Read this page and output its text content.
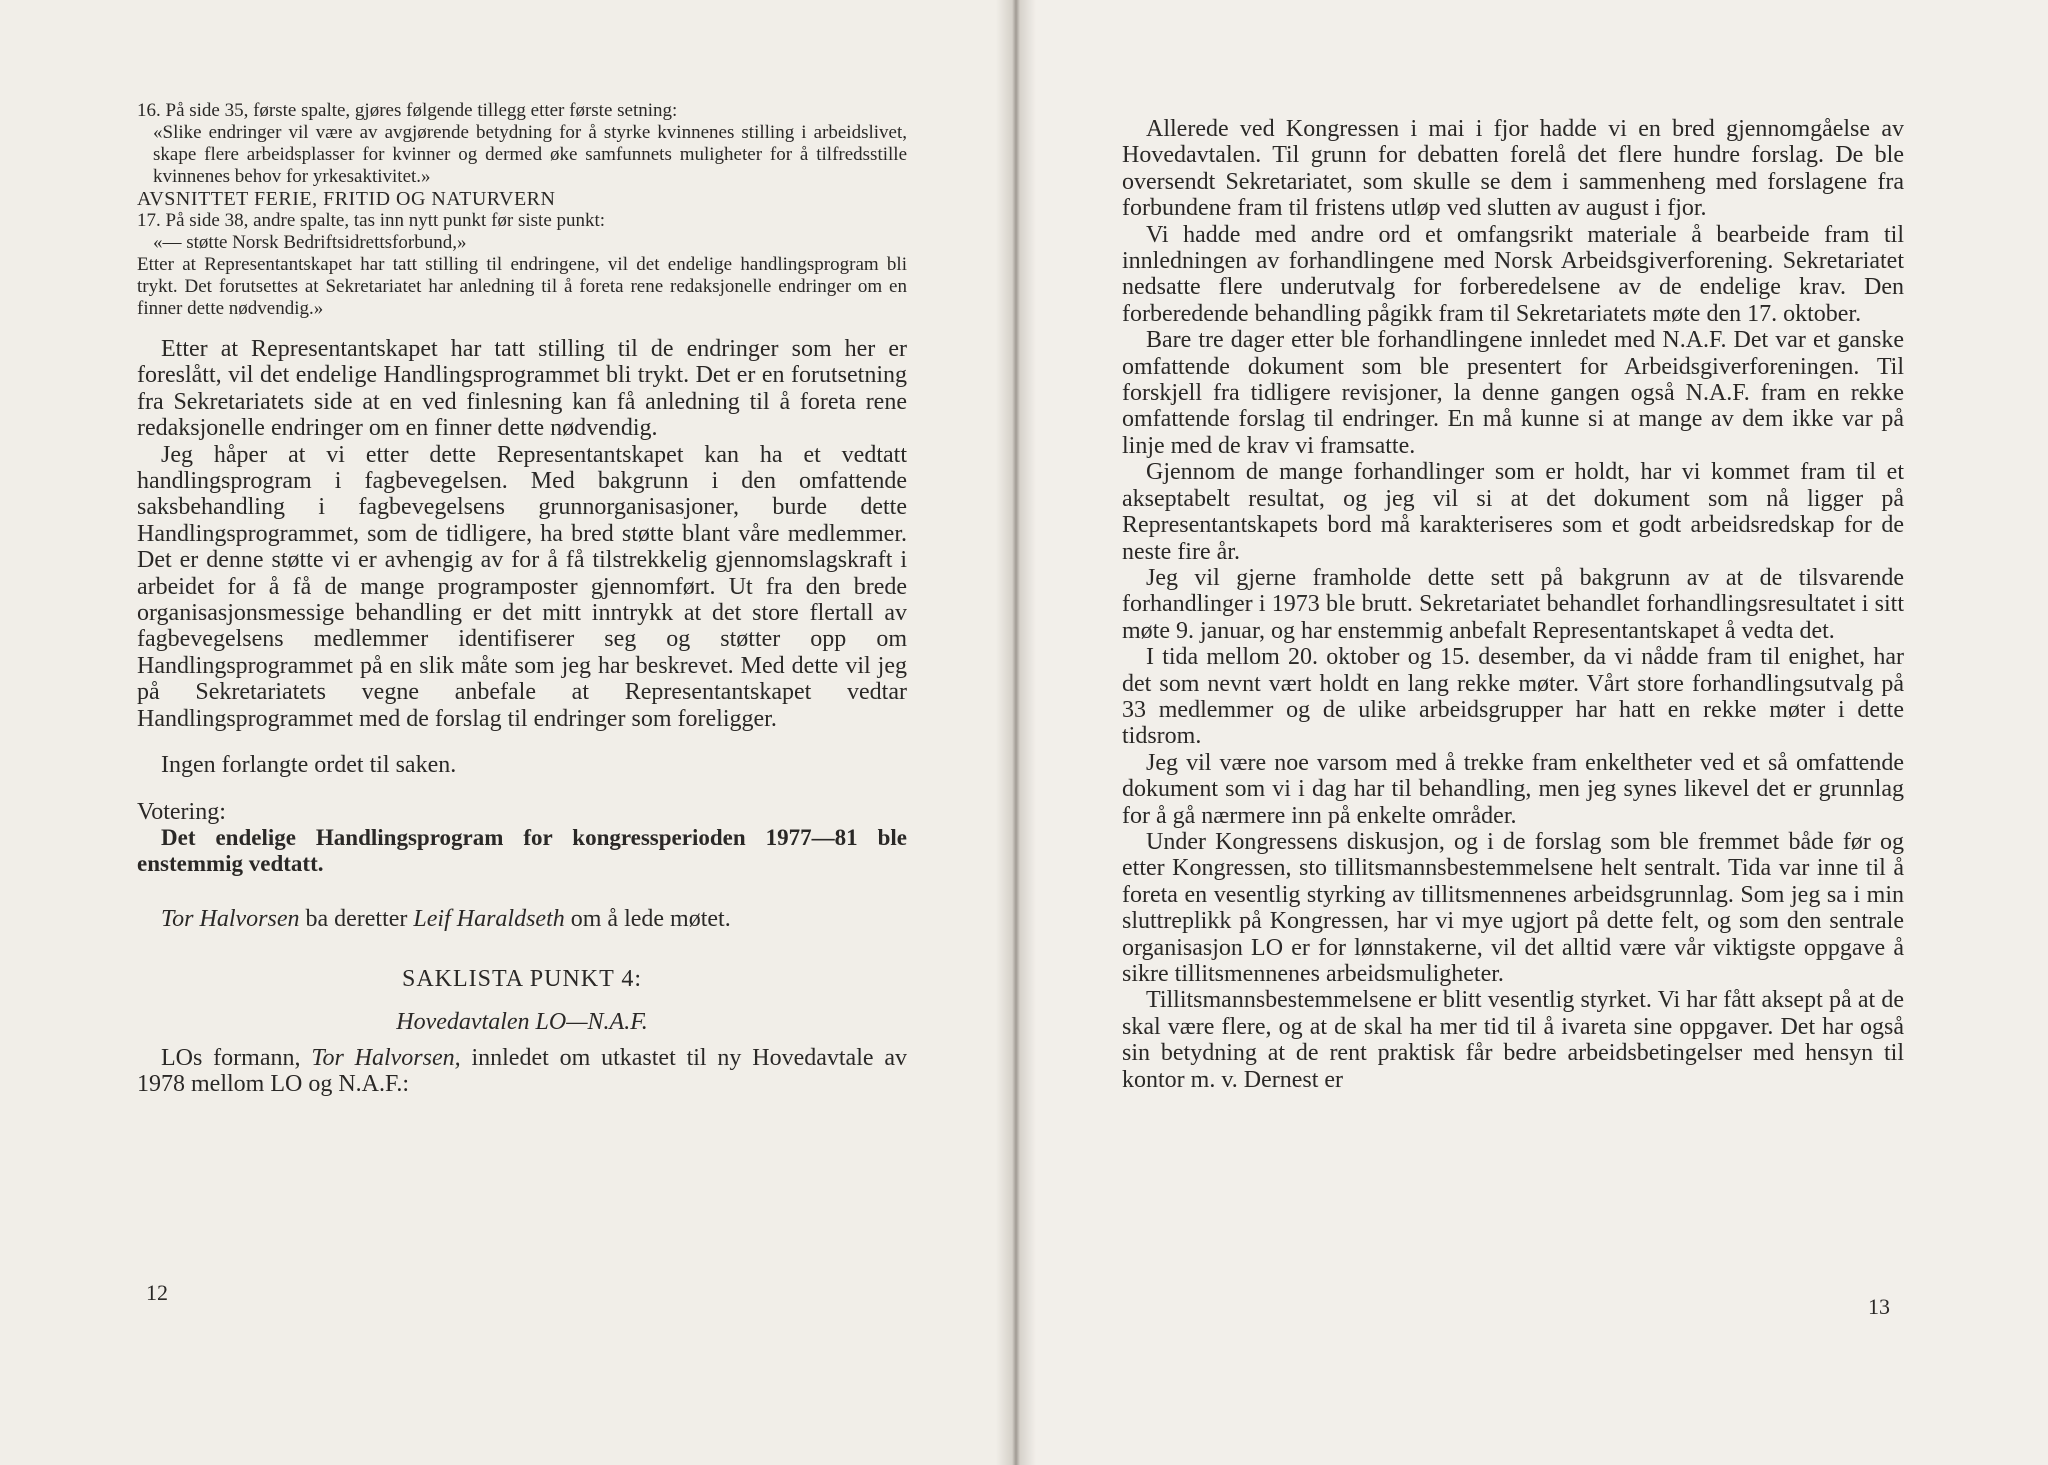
16. På side 35, første spalte, gjøres følgende tillegg etter første setning:

«Slike endringer vil være av avgjørende betydning for å styrke kvinnenes stilling i arbeidslivet, skape flere arbeidsplasser for kvinner og dermed øke samfunnets muligheter for å tilfredsstille kvinnenes behov for yrkesaktivitet.»

AVSNITTET FERIE, FRITID OG NATURVERN

17. På side 38, andre spalte, tas inn nytt punkt før siste punkt:

«— støtte Norsk Bedriftsidrettsforbund,»

Etter at Representantskapet har tatt stilling til endringene, vil det endelige handlingsprogram bli trykt. Det forutsettes at Sekretariatet har anledning til å foreta rene redaksjonelle endringer om en finner dette nødvendig.»

Etter at Representantskapet har tatt stilling til de endringer som her er foreslått, vil det endelige Handlingsprogrammet bli trykt. Det er en forutsetning fra Sekretariatets side at en ved finlesning kan få anledning til å foreta rene redaksjonelle endringer om en finner dette nødvendig.

Jeg håper at vi etter dette Representantskapet kan ha et vedtatt handlingsprogram i fagbevegelsen. Med bakgrunn i den omfattende saksbehandling i fagbevegelsens grunnorganisasjoner, burde dette Handlingsprogrammet, som de tidligere, ha bred støtte blant våre medlemmer. Det er denne støtte vi er avhengig av for å få tilstrekkelig gjennomslagskraft i arbeidet for å få de mange programposter gjennomført. Ut fra den brede organisasjonsmessige behandling er det mitt inntrykk at det store flertall av fagbevegelsens medlemmer identifiserer seg og støtter opp om Handlingsprogrammet på en slik måte som jeg har beskrevet. Med dette vil jeg på Sekretariatets vegne anbefale at Representantskapet vedtar Handlingsprogrammet med de forslag til endringer som foreligger.

Ingen forlangte ordet til saken.

Votering:

Det endelige Handlingsprogram for kongressperioden 1977—81 ble enstemmig vedtatt.

Tor Halvorsen ba deretter Leif Haraldseth om å lede møtet.

SAKLISTA PUNKT 4:

Hovedavtalen LO—N.A.F.

LOs formann, Tor Halvorsen, innledet om utkastet til ny Hovedavtale av 1978 mellom LO og N.A.F.:

Allerede ved Kongressen i mai i fjor hadde vi en bred gjennomgåelse av Hovedavtalen. Til grunn for debatten forelå det flere hundre forslag. De ble oversendt Sekretariatet, som skulle se dem i sammenheng med forslagene fra forbundene fram til fristens utløp ved slutten av august i fjor.

Vi hadde med andre ord et omfangsrikt materiale å bearbeide fram til innledningen av forhandlingene med Norsk Arbeidsgiverforening. Sekretariatet nedsatte flere underutvalg for forberedelsene av de endelige krav. Den forberedende behandling pågikk fram til Sekretariatets møte den 17. oktober.

Bare tre dager etter ble forhandlingene innledet med N.A.F. Det var et ganske omfattende dokument som ble presentert for Arbeidsgiverforeningen. Til forskjell fra tidligere revisjoner, la denne gangen også N.A.F. fram en rekke omfattende forslag til endringer. En må kunne si at mange av dem ikke var på linje med de krav vi framsatte.

Gjennom de mange forhandlinger som er holdt, har vi kommet fram til et akseptabelt resultat, og jeg vil si at det dokument som nå ligger på Representantskapets bord må karakteriseres som et godt arbeidsredskap for de neste fire år.

Jeg vil gjerne framholde dette sett på bakgrunn av at de tilsvarende forhandlinger i 1973 ble brutt. Sekretariatet behandlet forhandlingsresultatet i sitt møte 9. januar, og har enstemmig anbefalt Representantskapet å vedta det.

I tida mellom 20. oktober og 15. desember, da vi nådde fram til enighet, har det som nevnt vært holdt en lang rekke møter. Vårt store forhandlingsutvalg på 33 medlemmer og de ulike arbeidsgrupper har hatt en rekke møter i dette tidsrom.

Jeg vil være noe varsom med å trekke fram enkeltheter ved et så omfattende dokument som vi i dag har til behandling, men jeg synes likevel det er grunnlag for å gå nærmere inn på enkelte områder.

Under Kongressens diskusjon, og i de forslag som ble fremmet både før og etter Kongressen, sto tillitsmannsbestemmelsene helt sentralt. Tida var inne til å foreta en vesentlig styrking av tillitsmennenes arbeidsgrunnlag. Som jeg sa i min sluttreplikk på Kongressen, har vi mye ugjort på dette felt, og som den sentrale organisasjon LO er for lønnstakerne, vil det alltid være vår viktigste oppgave å sikre tillitsmennenes arbeidsmuligheter.

Tillitsmannsbestemmelsene er blitt vesentlig styrket. Vi har fått aksept på at de skal være flere, og at de skal ha mer tid til å ivareta sine oppgaver. Det har også sin betydning at de rent praktisk får bedre arbeidsbetingelser med hensyn til kontor m. v. Dernest er

12
13
